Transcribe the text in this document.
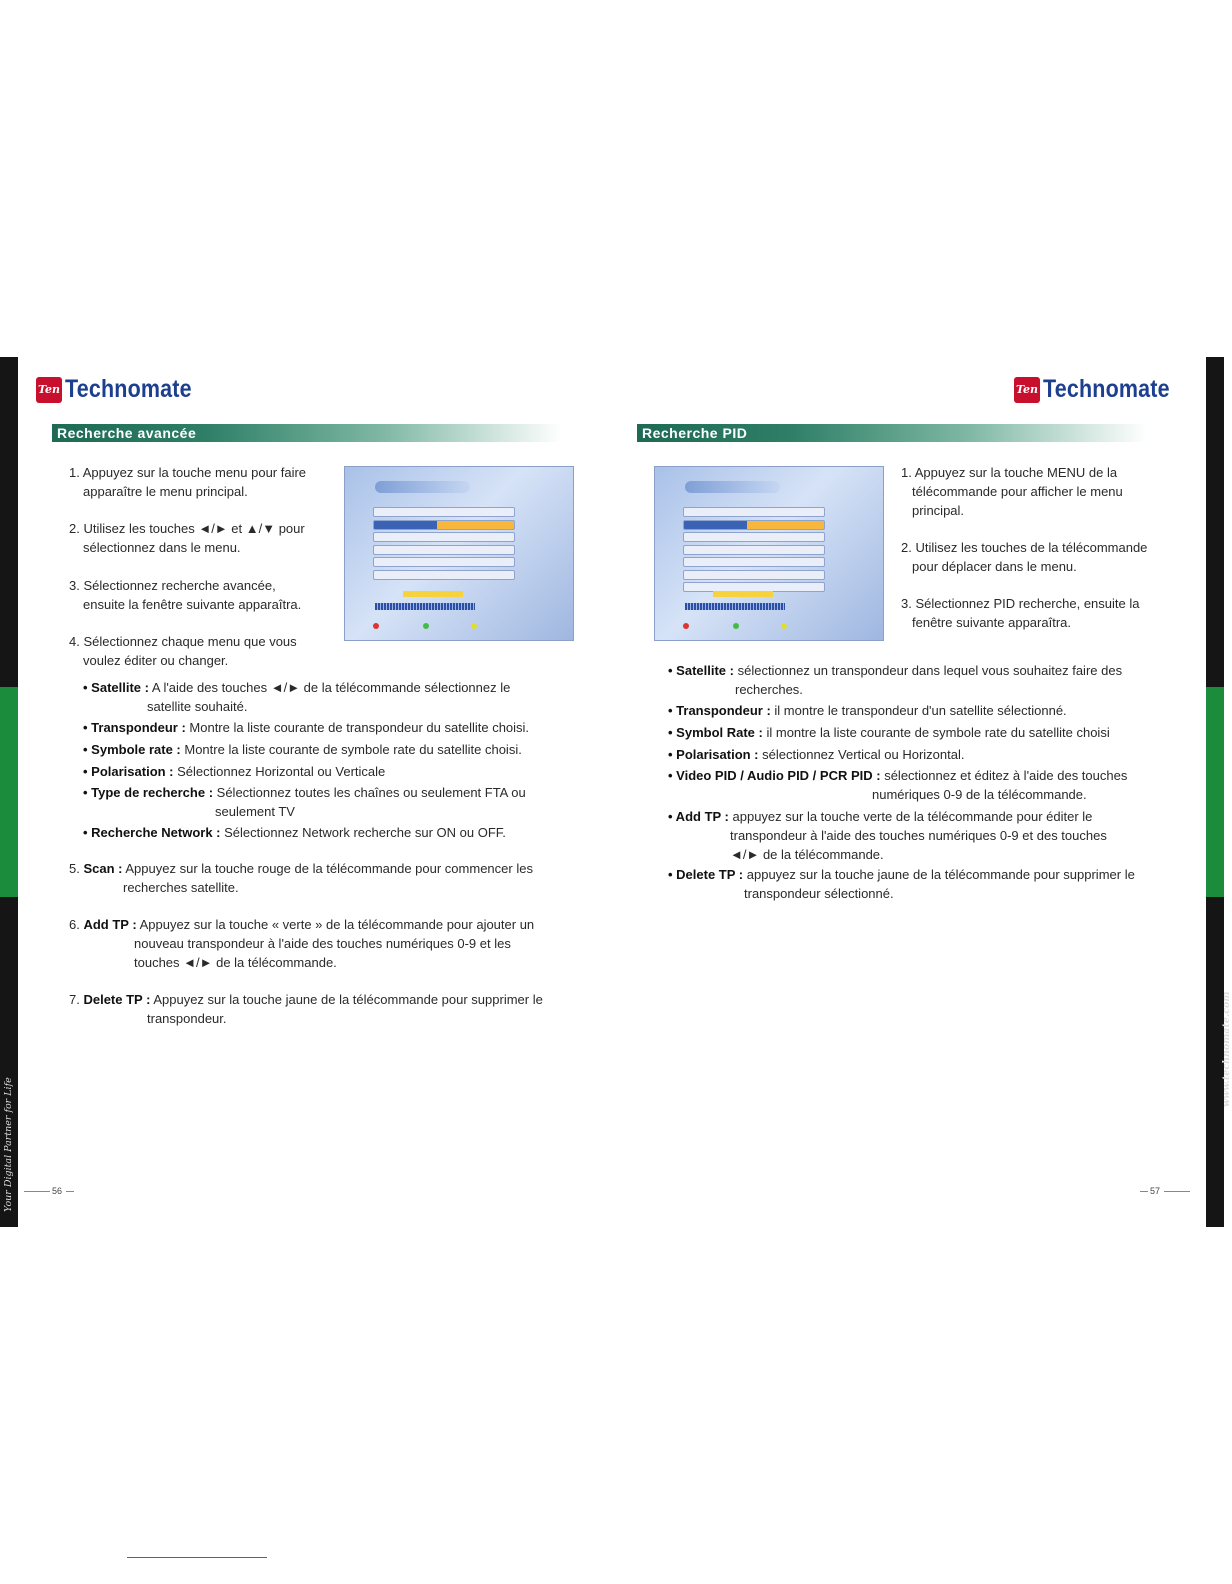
Your Digital Partner for Life
www.technomate.com
Ten Technomate	Ten Technomate
Recherche avancée	Recherche PID
1. Appuyez sur la touche menu pour faire
apparaître le menu principal.
2. Utilisez les touches ◄/► et ▲/▼ pour
sélectionnez dans le menu.
3. Sélectionnez recherche avancée,
ensuite la fenêtre suivante apparaîtra.
4. Sélectionnez chaque menu que vous
voulez éditer ou changer.
• Satellite : A l'aide des touches ◄/► de la télécommande sélectionnez le
satellite souhaité.
• Transpondeur : Montre la liste courante de transpondeur du satellite choisi.
• Symbole rate : Montre la liste courante de symbole rate du satellite choisi.
• Polarisation : Sélectionnez Horizontal ou Verticale
• Type de recherche : Sélectionnez toutes les chaînes ou seulement FTA ou
seulement TV
• Recherche Network : Sélectionnez Network recherche sur ON ou OFF.
5. Scan : Appuyez sur la touche rouge de la télécommande pour commencer les
recherches satellite.
6. Add TP : Appuyez sur la touche « verte » de la télécommande pour ajouter un
nouveau transpondeur à l'aide des touches numériques 0-9 et les
touches ◄/► de la télécommande.
7. Delete TP : Appuyez sur la touche jaune de la télécommande pour supprimer le
transpondeur.
1. Appuyez sur la touche MENU de la
télécommande pour afficher le menu
principal.
2. Utilisez les touches de la télécommande
pour déplacer dans le menu.
3. Sélectionnez PID recherche, ensuite la
fenêtre suivante apparaîtra.
• Satellite : sélectionnez un transpondeur dans lequel vous souhaitez faire des
recherches.
• Transpondeur : il montre le transpondeur d'un satellite sélectionné.
• Symbol Rate : il montre la liste courante de symbole rate du satellite choisi
• Polarisation : sélectionnez Vertical ou Horizontal.
• Video PID / Audio PID / PCR PID : sélectionnez et éditez à l'aide des touches
numériques 0-9 de la télécommande.
• Add TP : appuyez sur la touche verte de la télécommande pour éditer le
transpondeur à l'aide des touches numériques 0-9 et des touches
◄/► de la télécommande.
• Delete TP : appuyez sur la touche jaune de la télécommande pour supprimer le
transpondeur sélectionné.
56	57
